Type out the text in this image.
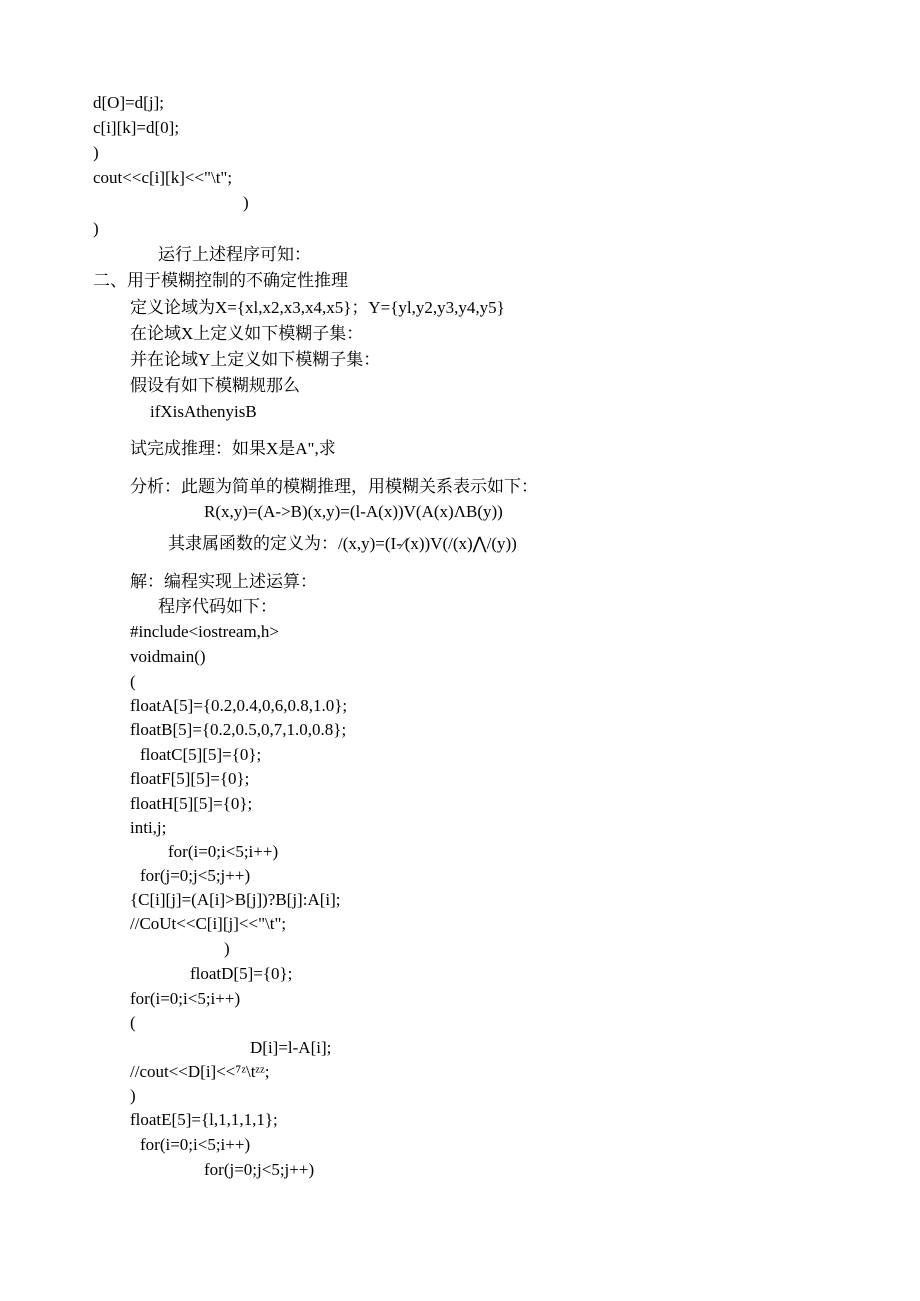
d[O]=d[j];
c[i][k]=d[0];
)
cout<<c[i][k]<<"\t";
)
)
运行上述程序可知：
二、用于模糊控制的不确定性推理
定义论域为X={xl,x2,x3,x4,x5}；Y={yl,y2,y3,y4,y5}
在论域X上定义如下模糊子集：
并在论域Y上定义如下模糊子集：
假设有如下模糊规那么
ifXisAthenyisB
试完成推理：如果X是A",求
分析：此题为简单的模糊推理，用模糊关系表示如下：
R(x,y)=(A->B)(x,y)=(l-A(x))V(A(x)ΛB(y))
其隶属函数的定义为：/(x,y)=(I-⁄(x))V(/(x)⋀/(y))
解：编程实现上述运算：
程序代码如下：
#include<iostream,h>
voidmain()
(
floatA[5]={0.2,0.4,0,6,0.8,1.0};
floatB[5]={0.2,0.5,0,7,1.0,0.8};
floatC[5][5]={0};
floatF[5][5]={0};
floatH[5][5]={0};
inti,j;
for(i=0;i<5;i++)
for(j=0;j<5;j++)
{C[i][j]=(A[i]>B[j])?B[j]:A[i];
//CoUt<<C[i][j]<<"\t";
)
floatD[5]={0};
for(i=0;i<5;i++)
(
D[i]=l-A[i];
//cout<<D[i]<<⁷ᶻ\tᶻᶻ;
)
floatE[5]={l,1,1,1,1};
for(i=0;i<5;i++)
for(j=0;j<5;j++)
